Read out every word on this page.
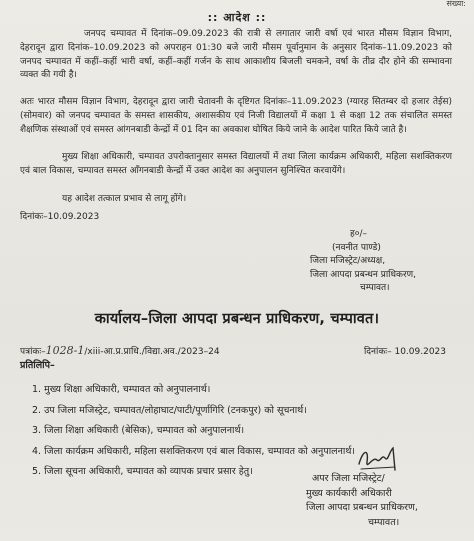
संख्या:
:: आदेश ::

जनपद चम्पावत में दिनांक–09.09.2023 की रात्री से लगातार जारी वर्षा एवं भारत मौसम विज्ञान विभाग, देहरादून द्वारा दिनांक–10.09.2023 को अपराहन 01:30 बजे जारी मौसम पूर्वानुमान के अनुसार दिनांक–11.09.2023 को जनपद चम्पावत में कहीं–कहीं भारी वर्षा, कहीं–कहीं गर्जन के साथ आकाशीय बिजली चमकने, वर्षा के तीव्र दौर होने की सम्भावना व्यक्त की गयी है।

अतः भारत मौसम विज्ञान विभाग, देहरादून द्वारा जारी चेतावनी के दृष्टिगत दिनांकः–11.09.2023 (ग्यारह सितम्बर दो हजार तेईस) (सोमवार) को जनपद चम्पावत के समस्त शासकीय, अशासकीय एवं निजी विद्यालयों में कक्षा 1 से कक्षा 12 तक संचालित समस्त शैक्षणिक संस्थाओं एवं समस्त आंगनबाडी केन्द्रों में 01 दिन का अवकाश घोषित किये जाने के आदेश पारित किये जाते है।

मुख्य शिक्षा अधिकारी, चम्पावत उपरोक्तानुसार समस्त विद्यालयों में तथा जिला कार्यक्रम अधिकारी, महिला सशक्तिकरण एवं बाल विकास, चम्पावत समस्त आँगनबाडी केन्द्रों में उक्त आदेश का अनुपालन सुनिश्चित करवायेंगे।

यह आदेश तत्काल प्रभाव से लागू होंगे।

दिनांकः–10.09.2023
ह०/–
(नवनीत पाण्डे)
जिला मजिस्ट्रेट/अध्यक्ष,
जिला आपदा प्रबन्धन प्राधिकरण,
चम्पावत।
कार्यालय–जिला आपदा प्रबन्धन प्राधिकरण, चम्पावत।
पत्रांकः–1028-1/xiii-आ.प्र.प्राधि./विद्या.अव./2023–24	दिनांकः– 10.09.2023
प्रतिलिपि–
1. मुख्य शिक्षा अधिकारी, चम्पावत को अनुपालनार्थ।
2. उप जिला मजिस्ट्रेट, चम्पावत/लोहाघाट/पाटी/पूर्णागिरि (टनकपुर) को सूचनार्थ।
3. जिला शिक्षा अधिकारी (बेसिक), चम्पावत को अनुपालनार्थ।
4. जिला कार्यक्रम अधिकारी, महिला सशक्तिकरण एवं बाल विकास, चम्पावत को अनुपालनार्थ।
5. जिला सूचना अधिकारी, चम्पावत को व्यापक प्रचार प्रसार हेतु।
अपर जिला मजिस्ट्रेट/
मुख्य कार्यकारी अधिकारी
जिला आपदा प्रबन्धन प्राधिकरण,
चम्पावत।
